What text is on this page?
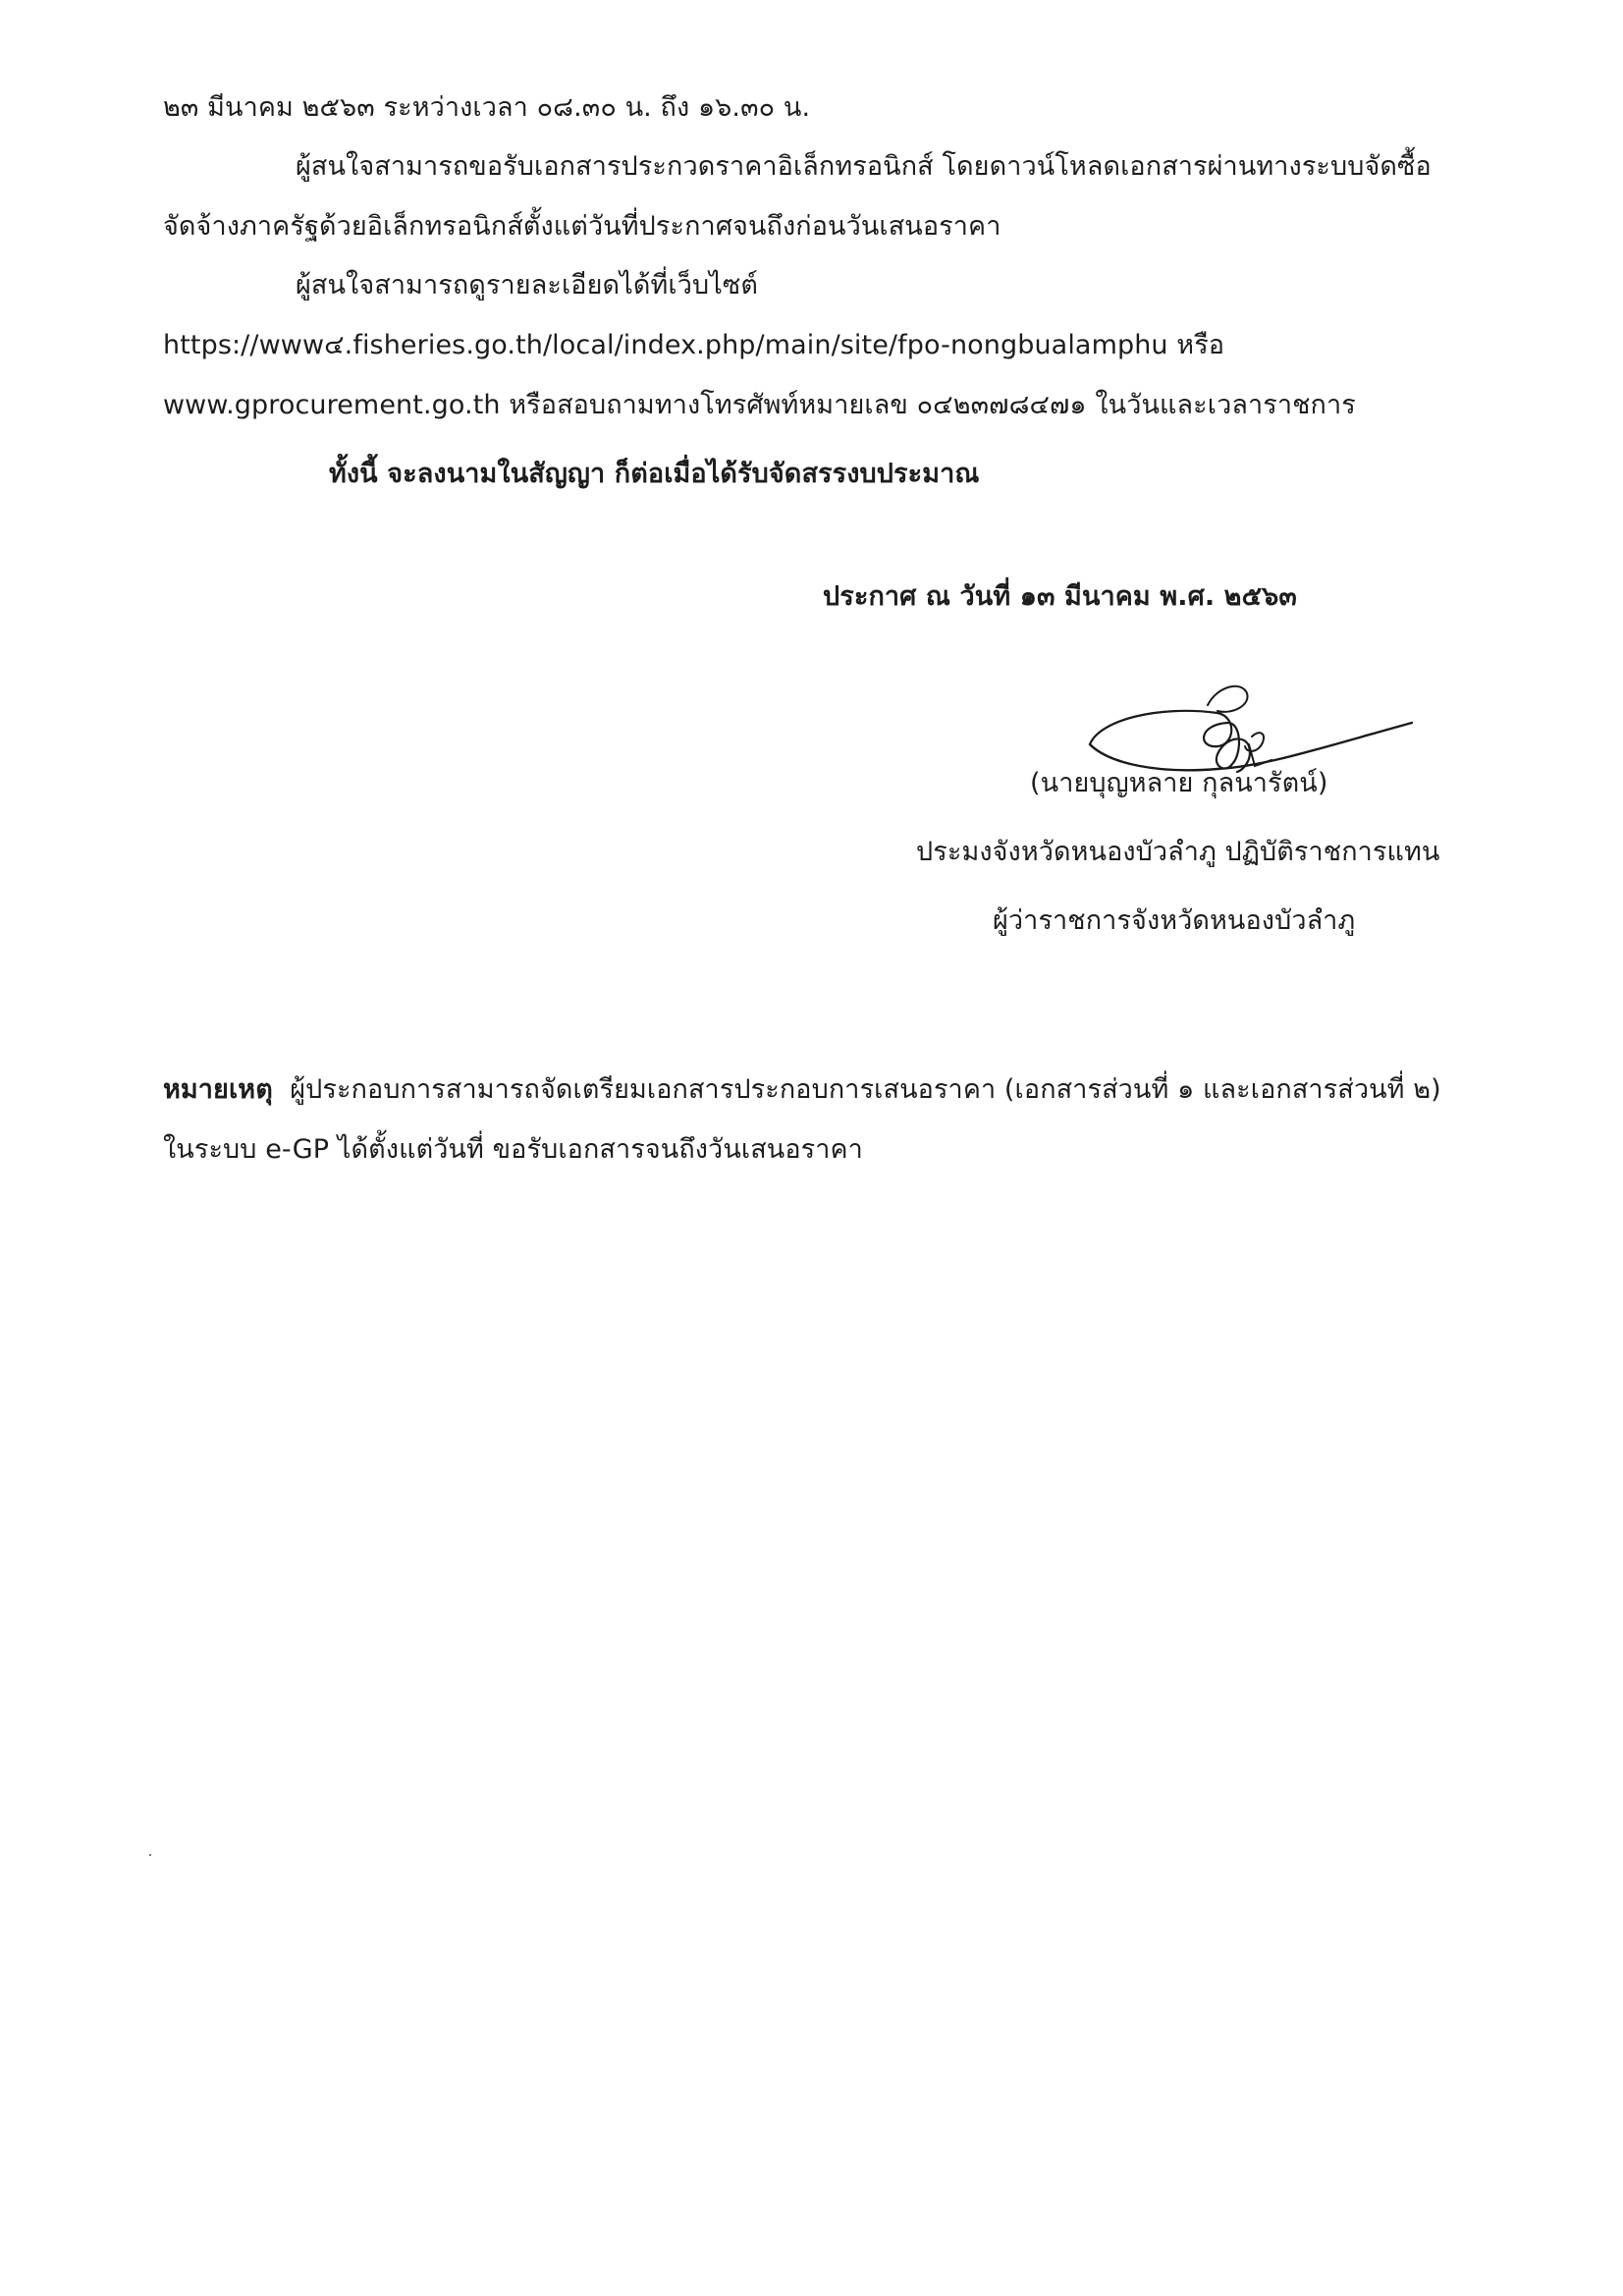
๒๓ มีนาคม ๒๕๖๓ ระหว่างเวลา ๐๘.๓๐ น. ถึง ๑๖.๓๐ น.
ผู้สนใจสามารถขอรับเอกสารประกวดราคาอิเล็กทรอนิกส์ โดยดาวน์โหลดเอกสารผ่านทางระบบจัดซื้อ
จัดจ้างภาครัฐด้วยอิเล็กทรอนิกส์ตั้งแต่วันที่ประกาศจนถึงก่อนวันเสนอราคา
ผู้สนใจสามารถดูรายละเอียดได้ที่เว็บไซต์
https://www๔.fisheries.go.th/local/index.php/main/site/fpo-nongbualamphu หรือ
www.gprocurement.go.th หรือสอบถามทางโทรศัพท์หมายเลข ๐๔๒๓๗๘๔๗๑ ในวันและเวลาราชการ
ทั้งนี้ จะลงนามในสัญญา ก็ต่อเมื่อได้รับจัดสรรงบประมาณ
ประกาศ ณ วันที่ ๑๓ มีนาคม พ.ศ. ๒๕๖๓
(นายบุญหลาย กุลนารัตน์)
ประมงจังหวัดหนองบัวลำภู ปฏิบัติราชการแทน
ผู้ว่าราชการจังหวัดหนองบัวลำภู
หมายเหตุ ผู้ประกอบการสามารถจัดเตรียมเอกสารประกอบการเสนอราคา (เอกสารส่วนที่ ๑ และเอกสารส่วนที่ ๒)
ในระบบ e-GP ได้ตั้งแต่วันที่ ขอรับเอกสารจนถึงวันเสนอราคา
